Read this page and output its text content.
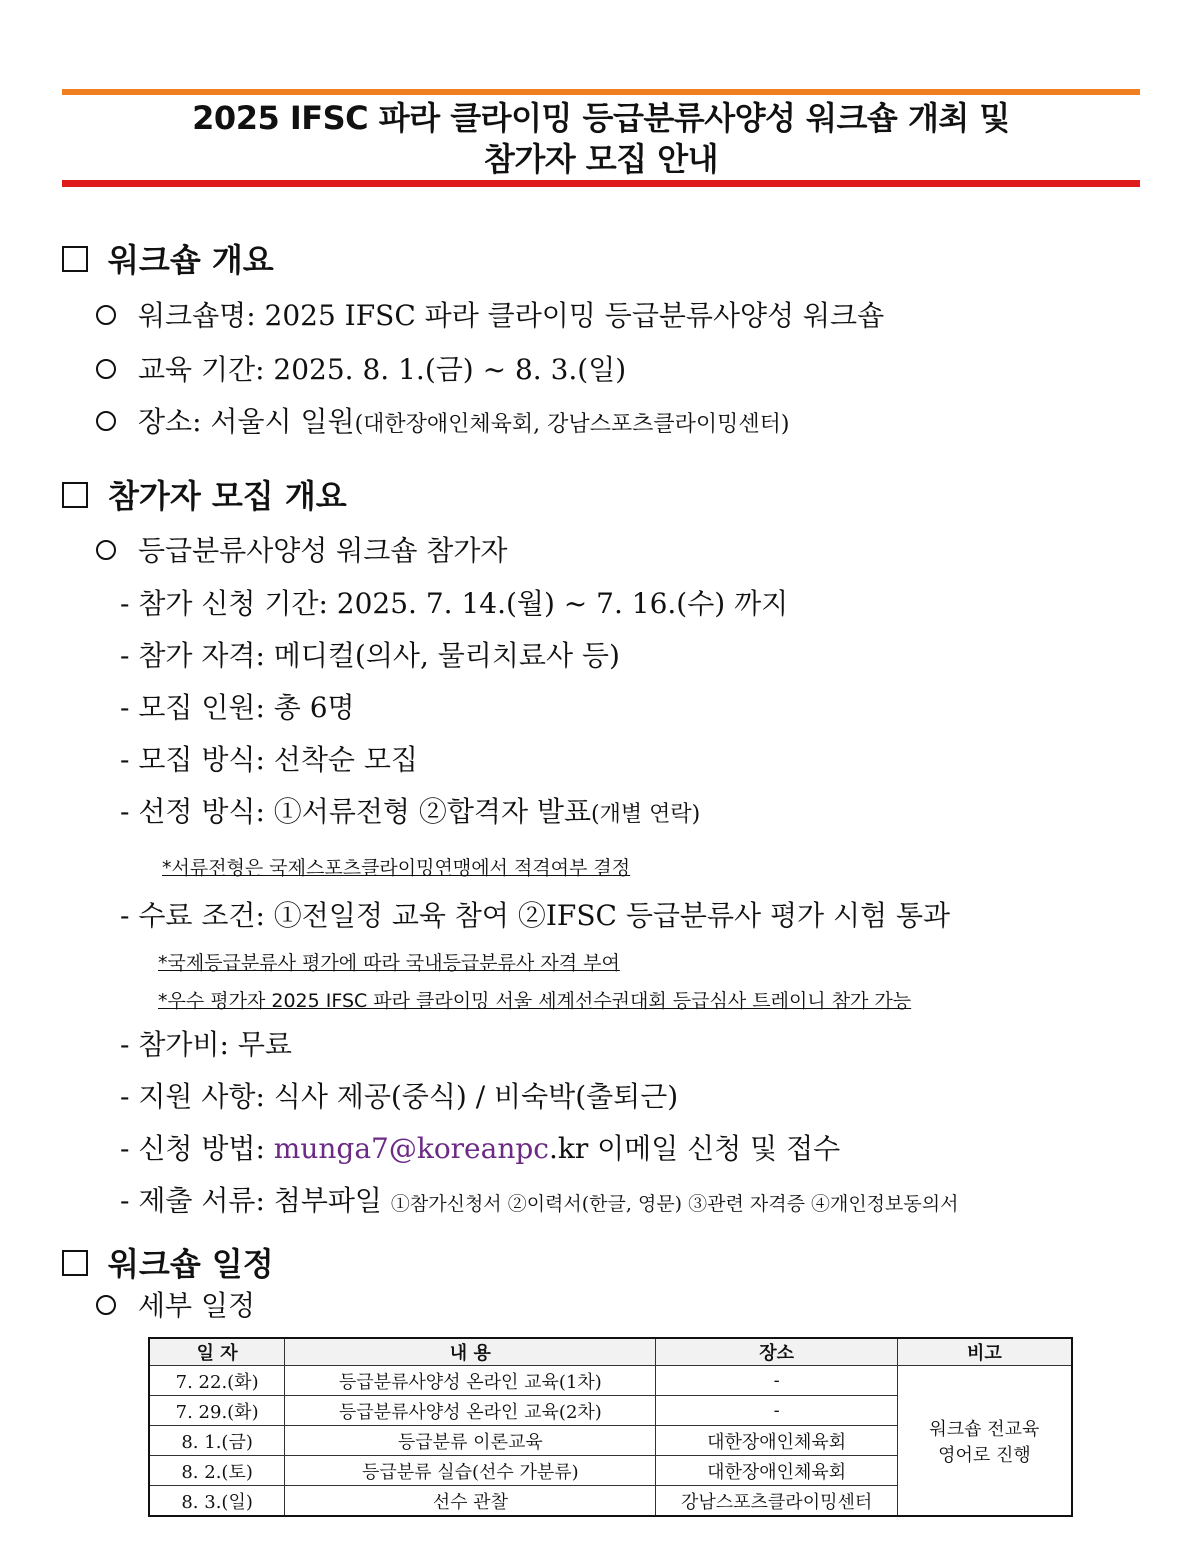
2025 IFSC 파라 클라이밍 등급분류사양성 워크숍 개최 및
참가자 모집 안내
워크숍 개요
워크숍명: 2025 IFSC 파라 클라이밍 등급분류사양성 워크숍
교육 기간: 2025. 8. 1.(금) ~ 8. 3.(일)
장소: 서울시 일원(대한장애인체육회, 강남스포츠클라이밍센터)
참가자 모집 개요
등급분류사양성 워크숍 참가자
- 참가 신청 기간: 2025. 7. 14.(월) ~ 7. 16.(수) 까지
- 참가 자격: 메디컬(의사, 물리치료사 등)
- 모집 인원: 총 6명
- 모집 방식: 선착순 모집
- 선정 방식: ①서류전형 ②합격자 발표(개별 연락)
*서류전형은 국제스포츠클라이밍연맹에서 적격여부 결정
- 수료 조건: ①전일정 교육 참여 ②IFSC 등급분류사 평가 시험 통과
*국제등급분류사 평가에 따라 국내등급분류사 자격 부여
*우수 평가자 2025 IFSC 파라 클라이밍 서울 세계선수권대회 등급심사 트레이니 참가 가능
- 참가비: 무료
- 지원 사항: 식사 제공(중식) / 비숙박(출퇴근)
- 신청 방법: munga7@koreanpc.kr 이메일 신청 및 접수
- 제출 서류: 첨부파일 ①참가신청서 ②이력서(한글, 영문) ③관련 자격증 ④개인정보동의서
워크숍 일정
세부 일정
일 자	내 용	장소	비고
7. 22.(화)	등급분류사양성 온라인 교육(1차)	-	워크숍 전교육
영어로 진행
7. 29.(화)	등급분류사양성 온라인 교육(2차)	-	
8. 1.(금)	등급분류 이론교육	대한장애인체육회	
8. 2.(토)	등급분류 실습(선수 가분류)	대한장애인체육회	
8. 3.(일)	선수 관찰	강남스포츠클라이밍센터	
